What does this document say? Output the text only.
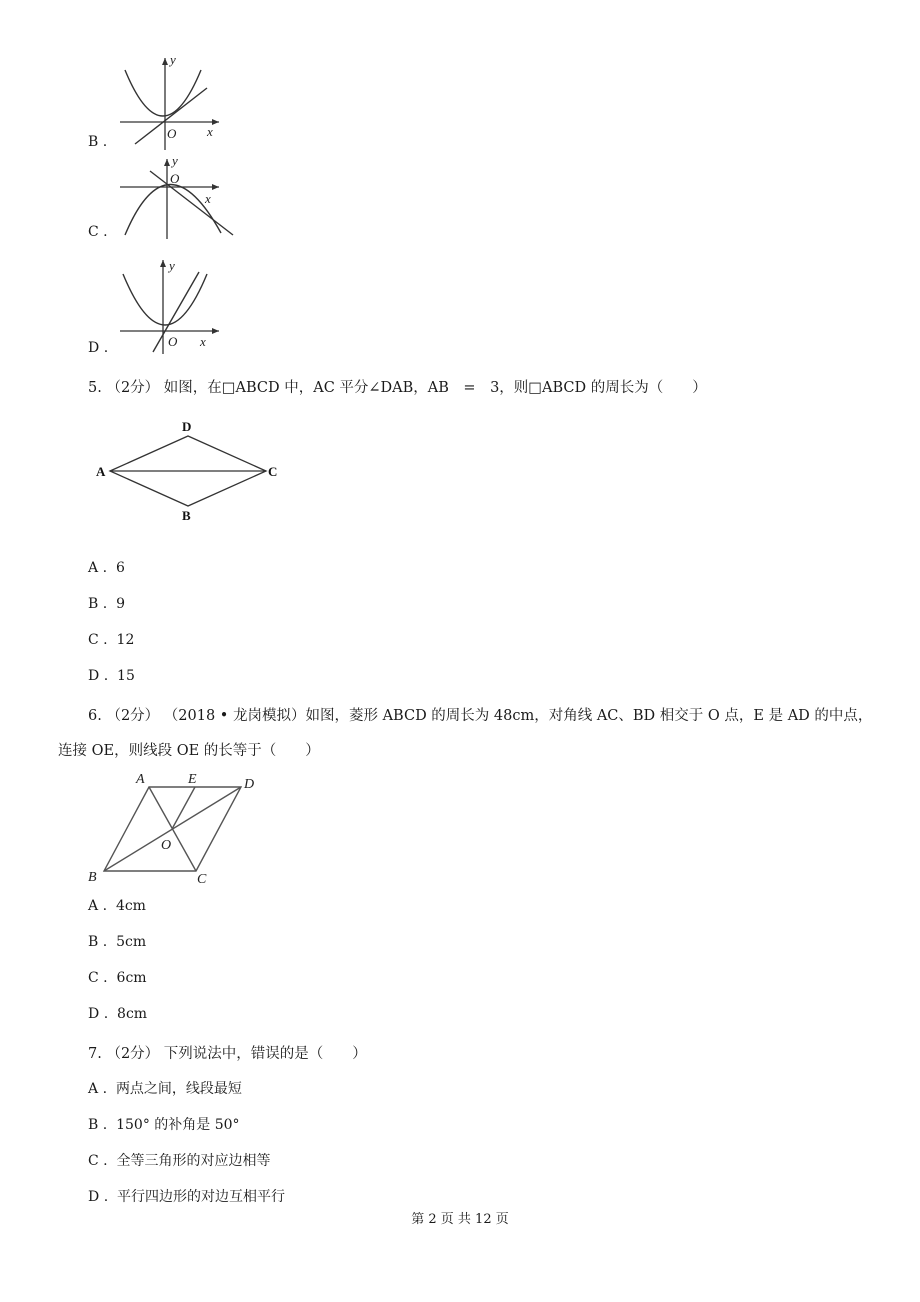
y
O x
B .
y
O
x
C .
y
O x
D .
5. （2分） 如图，在□ABCD 中，AC 平分∠DAB，AB　=　3，则□ABCD 的周长为（　　）
A
D
C
B
A . 6
B . 9
C . 12
D . 15
6. （2分） （2018 • 龙岗模拟）如图，菱形 ABCD 的周长为 48cm，对角线 AC、BD 相交于 O 点，E 是 AD 的中点，
连接 OE，则线段 OE 的长等于（　　）
A	E	D
O
B	C
A . 4cm
B . 5cm
C . 6cm
D . 8cm
7. （2分） 下列说法中，错误的是（　　）
A . 两点之间，线段最短
B . 150° 的补角是 50°
C . 全等三角形的对应边相等
D . 平行四边形的对边互相平行
第 2 页 共 12 页
